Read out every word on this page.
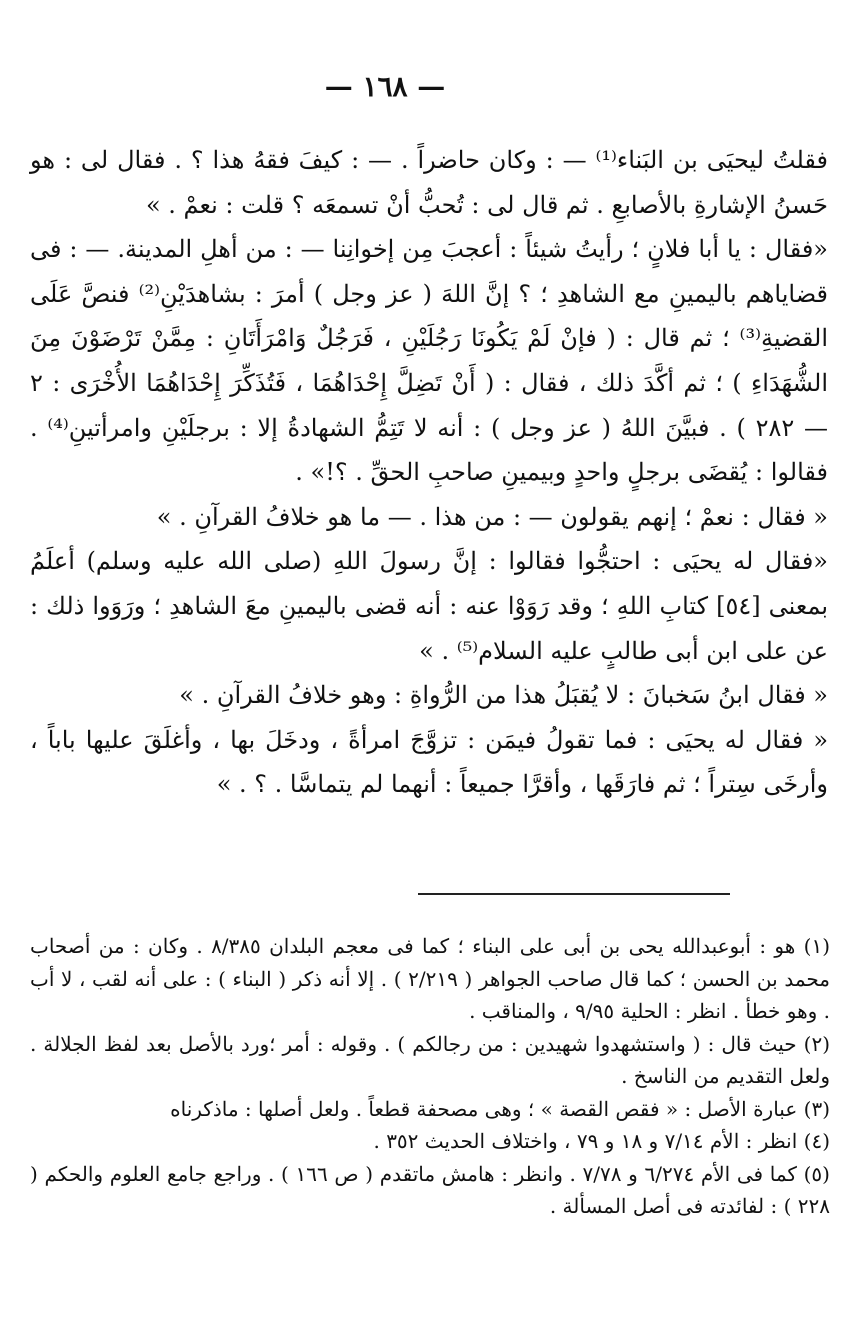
— ١٦٨ —

فقلتُ ليحيَى بن البَناء⁽¹⁾ — : وكان حاضراً . — : كيفَ فقهُ هذا ؟ . فقال لى : هو حَسنُ الإشارةِ بالأصابعِ . ثم قال لى : تُحبُّ أنْ تسمعَه ؟ قلت : نعمْ . »

«فقال : يا أبا فلانٍ ؛ رأيتُ شيئاً : أعجبَ مِن إخوانِنا — : من أهلِ المدينة. — : فى قضاياهم باليمينِ مع الشاهدِ ؛ ؟ إنَّ اللهَ ( عز وجل ) أمرَ : بشاهدَيْنِ⁽²⁾ فنصَّ عَلَى القضيةِ⁽³⁾ ؛ ثم قال : ( فإنْ لَمْ يَكُونَا رَجُلَيْنِ ، فَرَجُلٌ وَامْرَأَتَانِ : مِمَّنْ تَرْضَوْنَ مِنَ الشُّهَدَاءِ ) ؛ ثم أكَّدَ ذلك ، فقال : ( أَنْ تَضِلَّ إِحْدَاهُمَا ، فَتُذَكِّرَ إِحْدَاهُمَا الأُخْرَى : ٢ — ٢٨٢ ) . فبيَّنَ اللهُ ( عز وجل ) : أنه لا تَتِمُّ الشهادةُ إلا : برجلَيْنِ وامرأتينِ⁽⁴⁾ . فقالوا : يُقضَى برجلٍ واحدٍ وبيمينِ صاحبِ الحقِّ . ؟!» .

« فقال : نعمْ ؛ إنهم يقولون — : من هذا . — ما هو خلافُ القرآنِ . »

«فقال له يحيَى : احتجُّوا فقالوا : إنَّ رسولَ اللهِ (صلى الله عليه وسلم) أعلَمُ بمعنى [٥٤] كتابِ اللهِ ؛ وقد رَوَوْا عنه : أنه قضى باليمينِ معَ الشاهدِ ؛ ورَوَوا ذلك : عن على ابن أبى طالبٍ عليه السلام⁽⁵⁾ . »

« فقال ابنُ سَخبانَ : لا يُقبَلُ هذا من الرُّواةِ : وهو خلافُ القرآنِ . »

« فقال له يحيَى : فما تقولُ فيمَن : تزوَّجَ امرأةً ، ودخَلَ بها ، وأغلَقَ عليها باباً ، وأرخَى سِتراً ؛ ثم فارَقَها ، وأقرَّا جميعاً : أنهما لم يتماسَّا . ؟ . »

(١) هو : أبوعبدالله يحى بن أبى على البناء ؛ كما فى معجم البلدان ٨/٣٨٥ . وكان : من أصحاب محمد بن الحسن ؛ كما قال صاحب الجواهر ( ٢/٢١٩ ) . إلا أنه ذكر ( البناء ) : على أنه لقب ، لا أب . وهو خطأ . انظر : الحلية ٩/٩٥ ، والمناقب .

(٢) حيث قال : ( واستشهدوا شهيدين : من رجالكم ) . وقوله : أمر ؛ورد بالأصل بعد لفظ الجلالة . ولعل التقديم من الناسخ .

(٣) عبارة الأصل : « فقص القصة » ؛ وهى مصحفة قطعاً . ولعل أصلها : ماذكرناه

(٤) انظر : الأم ٧/١٤ و ١٨ و ٧٩ ، واختلاف الحديث ٣٥٢ .

(٥) كما فى الأم ٦/٢٧٤ و ٧/٧٨ . وانظر : هامش ماتقدم ( ص ١٦٦ ) . وراجع جامع العلوم والحكم ( ٢٢٨ ) : لفائدته فى أصل المسألة .
